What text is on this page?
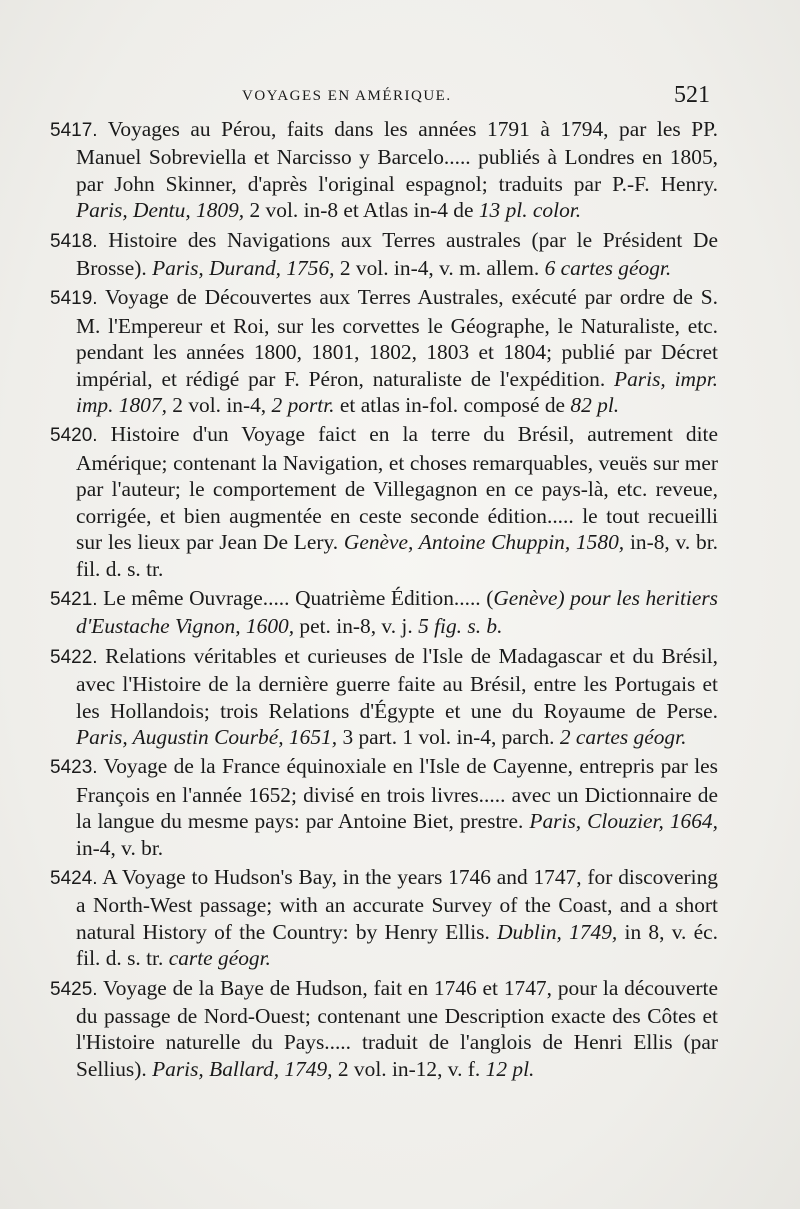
VOYAGES EN AMÉRIQUE.	521

5417. Voyages au Pérou, faits dans les années 1791 à 1794, par les PP. Manuel Sobreviella et Narcisso y Barcelo..... publiés à Londres en 1805, par John Skinner, d'après l'original espagnol; traduits par P.-F. Henry. Paris, Dentu, 1809, 2 vol. in-8 et Atlas in-4 de 13 pl. color.

5418. Histoire des Navigations aux Terres australes (par le Président De Brosse). Paris, Durand, 1756, 2 vol. in-4, v. m. allem. 6 cartes géogr.

5419. Voyage de Découvertes aux Terres Australes, exécuté par ordre de S. M. l'Empereur et Roi, sur les corvettes le Géographe, le Naturaliste, etc. pendant les années 1800, 1801, 1802, 1803 et 1804; publié par Décret impérial, et rédigé par F. Péron, naturaliste de l'expédition. Paris, impr. imp. 1807, 2 vol. in-4, 2 portr. et atlas in-fol. composé de 82 pl.

5420. Histoire d'un Voyage faict en la terre du Brésil, autrement dite Amérique; contenant la Navigation, et choses remarquables, veuës sur mer par l'auteur; le comportement de Villegagnon en ce pays-là, etc. reveue, corrigée, et bien augmentée en ceste seconde édition..... le tout recueilli sur les lieux par Jean De Lery. Genève, Antoine Chuppin, 1580, in-8, v. br. fil. d. s. tr.

5421. Le même Ouvrage..... Quatrième Édition..... (Genève) pour les heritiers d'Eustache Vignon, 1600, pet. in-8, v. j. 5 fig. s. b.

5422. Relations véritables et curieuses de l'Isle de Madagascar et du Brésil, avec l'Histoire de la dernière guerre faite au Brésil, entre les Portugais et les Hollandois; trois Relations d'Égypte et une du Royaume de Perse. Paris, Augustin Courbé, 1651, 3 part. 1 vol. in-4, parch. 2 cartes géogr.

5423. Voyage de la France équinoxiale en l'Isle de Cayenne, entrepris par les François en l'année 1652; divisé en trois livres..... avec un Dictionnaire de la langue du mesme pays: par Antoine Biet, prestre. Paris, Clouzier, 1664, in-4, v. br.

5424. A Voyage to Hudson's Bay, in the years 1746 and 1747, for discovering a North-West passage; with an accurate Survey of the Coast, and a short natural History of the Country: by Henry Ellis. Dublin, 1749, in 8, v. éc. fil. d. s. tr. carte géogr.

5425. Voyage de la Baye de Hudson, fait en 1746 et 1747, pour la découverte du passage de Nord-Ouest; contenant une Description exacte des Côtes et l'Histoire naturelle du Pays..... traduit de l'anglois de Henri Ellis (par Sellius). Paris, Ballard, 1749, 2 vol. in-12, v. f. 12 pl.
